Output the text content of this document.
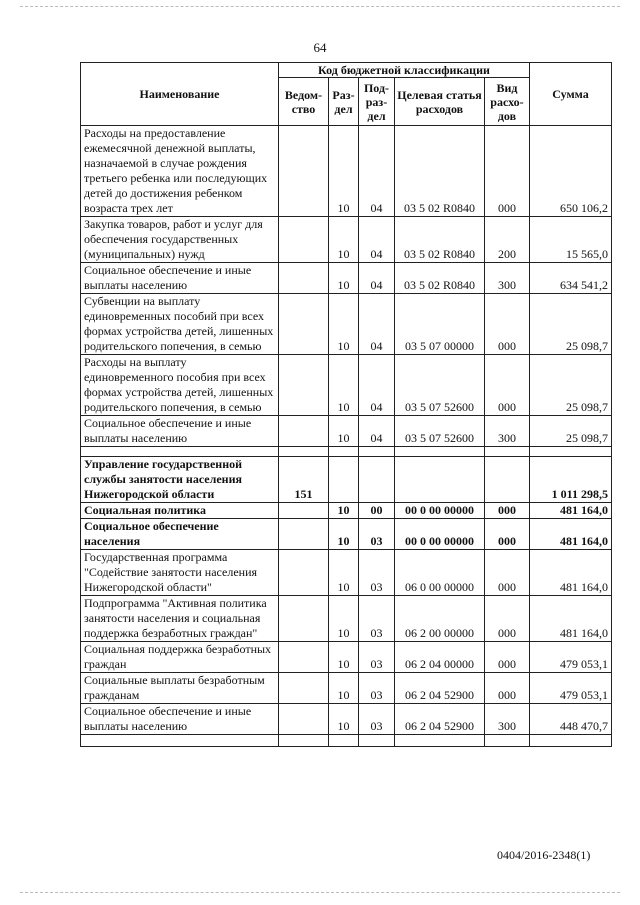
64
Наименование	Код бюджетной классификации					Сумма
	Ведом-ство	Раз-дел	Под-раз-дел	Целевая статья расходов	Вид расхо-дов	
Расходы на предоставление ежемесячной денежной выплаты, назначаемой в случае рождения третьего ребенка или последующих детей до достижения ребенком возраста трех лет		10	04	03 5 02 R0840	000	650 106,2
Закупка товаров, работ и услуг для обеспечения государственных (муниципальных) нужд		10	04	03 5 02 R0840	200	15 565,0
Социальное обеспечение и иные выплаты населению		10	04	03 5 02 R0840	300	634 541,2
Субвенции на выплату единовременных пособий при всех формах устройства детей, лишенных родительского попечения, в семью		10	04	03 5 07 00000	000	25 098,7
Расходы на выплату единовременного пособия при всех формах устройства детей, лишенных родительского попечения, в семью		10	04	03 5 07 52600	000	25 098,7
Социальное обеспечение и иные выплаты населению		10	04	03 5 07 52600	300	25 098,7

Управление государственной службы занятости населения Нижегородской области	151					1 011 298,5
Социальная политика		10	00	00 0 00 00000	000	481 164,0
Социальное обеспечение населения		10	03	00 0 00 00000	000	481 164,0
Государственная программа "Содействие занятости населения Нижегородской области"		10	03	06 0 00 00000	000	481 164,0
Подпрограмма "Активная политика занятости населения и социальная поддержка безработных граждан"		10	03	06 2 00 00000	000	481 164,0
Социальная поддержка безработных граждан		10	03	06 2 04 00000	000	479 053,1
Социальные выплаты безработным гражданам		10	03	06 2 04 52900	000	479 053,1
Социальное обеспечение и иные выплаты населению		10	03	06 2 04 52900	300	448 470,7

0404/2016-2348(1)
